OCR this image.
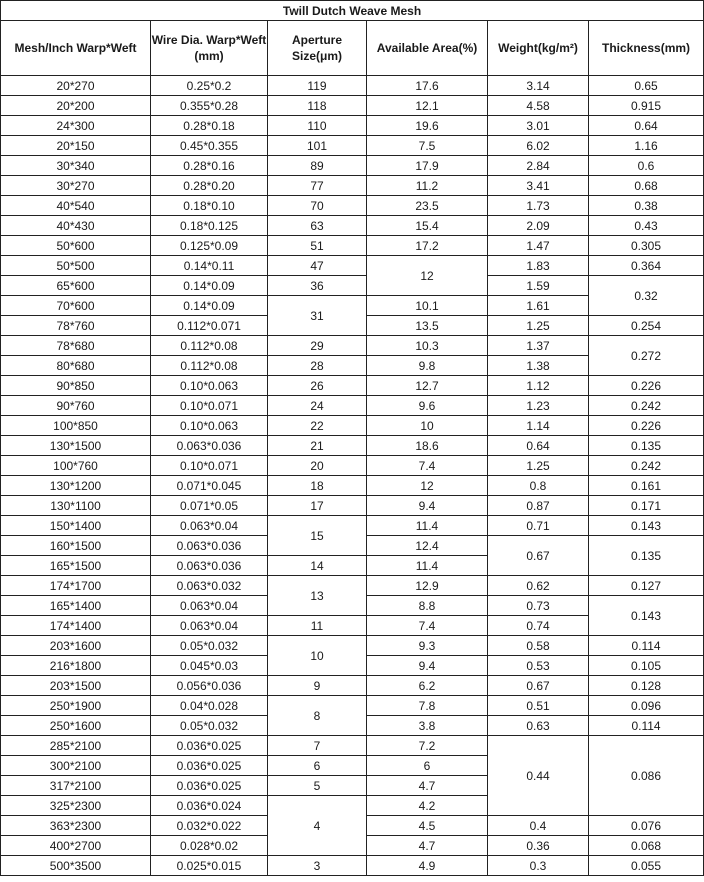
Twill Dutch Weave Mesh					
Mesh/Inch Warp*Weft	Wire Dia. Warp*Weft (mm)	Aperture Size(μm)	Available Area(%)	Weight(kg/m²)	Thickness(mm)
20*270	0.25*0.2	119	17.6	3.14	0.65
20*200	0.355*0.28	118	12.1	4.58	0.915
24*300	0.28*0.18	110	19.6	3.01	0.64
20*150	0.45*0.355	101	7.5	6.02	1.16
30*340	0.28*0.16	89	17.9	2.84	0.6
30*270	0.28*0.20	77	11.2	3.41	0.68
40*540	0.18*0.10	70	23.5	1.73	0.38
40*430	0.18*0.125	63	15.4	2.09	0.43
50*600	0.125*0.09	51	17.2	1.47	0.305
50*500	0.14*0.11	47	12	1.83	0.364
65*600	0.14*0.09	36		1.59	0.32
70*600	0.14*0.09	31	10.1	1.61	
78*760	0.112*0.071		13.5	1.25	0.254
78*680	0.112*0.08	29	10.3	1.37	0.272
80*680	0.112*0.08	28	9.8	1.38	
90*850	0.10*0.063	26	12.7	1.12	0.226
90*760	0.10*0.071	24	9.6	1.23	0.242
100*850	0.10*0.063	22	10	1.14	0.226
130*1500	0.063*0.036	21	18.6	0.64	0.135
100*760	0.10*0.071	20	7.4	1.25	0.242
130*1200	0.071*0.045	18	12	0.8	0.161
130*1100	0.071*0.05	17	9.4	0.87	0.171
150*1400	0.063*0.04	15	11.4	0.71	0.143
160*1500	0.063*0.036		12.4	0.67	0.135
165*1500	0.063*0.036	14	11.4		
174*1700	0.063*0.032	13	12.9	0.62	0.127
165*1400	0.063*0.04		8.8	0.73	0.143
174*1400	0.063*0.04	11	7.4	0.74	
203*1600	0.05*0.032	10	9.3	0.58	0.114
216*1800	0.045*0.03		9.4	0.53	0.105
203*1500	0.056*0.036	9	6.2	0.67	0.128
250*1900	0.04*0.028	8	7.8	0.51	0.096
250*1600	0.05*0.032		3.8	0.63	0.114
285*2100	0.036*0.025	7	7.2	0.44	0.086
300*2100	0.036*0.025	6	6		
317*2100	0.036*0.025	5	4.7		
325*2300	0.036*0.024	4	4.2		
363*2300	0.032*0.022		4.5	0.4	0.076
400*2700	0.028*0.02		4.7	0.36	0.068
500*3500	0.025*0.015	3	4.9	0.3	0.055
